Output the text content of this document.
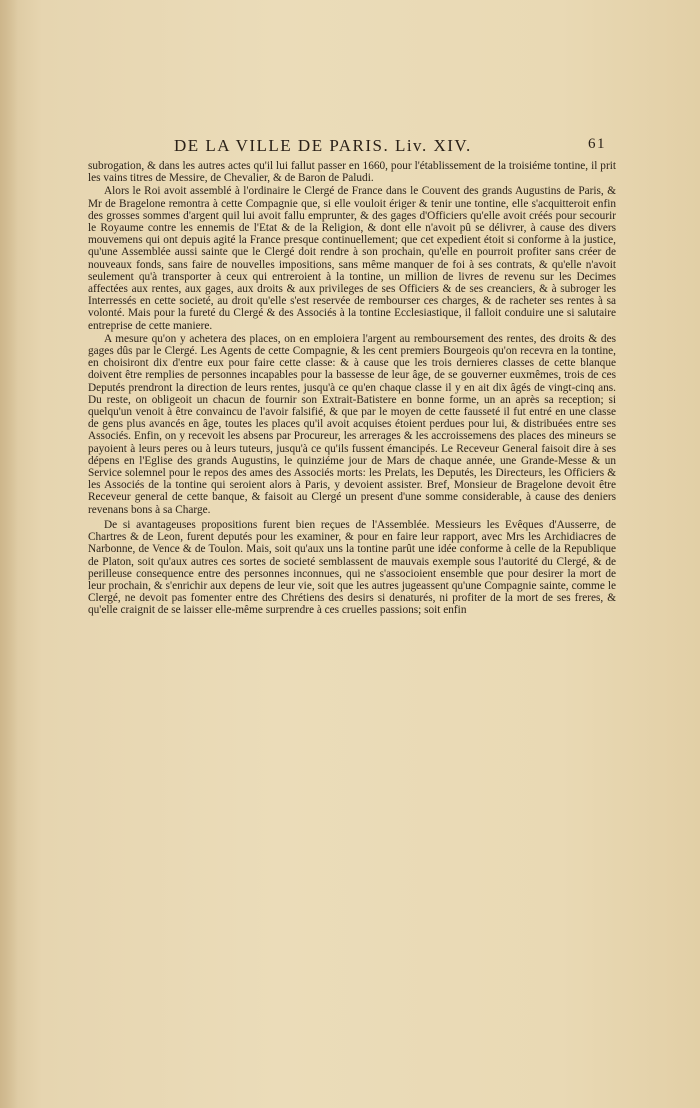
DE LA VILLE DE PARIS. Liv. XIV.	61

subrogation, & dans les autres actes qu'il lui fallut passer en 1660, pour l'établissement de la troisiéme tontine, il prit les vains titres de Messire, de Chevalier, & de Baron de Paludi.

Alors le Roi avoit assemblé à l'ordinaire le Clergé de France dans le Couvent des grands Augustins de Paris, & Mr de Bragelone remontra à cette Compagnie que, si elle vouloit ériger & tenir une tontine, elle s'acquitteroit enfin des grosses sommes d'argent quil lui avoit fallu emprunter, & des gages d'Officiers qu'elle avoit créés pour secourir le Royaume contre les ennemis de l'Etat & de la Religion, & dont elle n'avoit pû se délivrer, à cause des divers mouvemens qui ont depuis agité la France presque continuellement; que cet expedient étoit si conforme à la justice, qu'une Assemblée aussi sainte que le Clergé doit rendre à son prochain, qu'elle en pourroit profiter sans créer de nouveaux fonds, sans faire de nouvelles impositions, sans même manquer de foi à ses contrats, & qu'elle n'avoit seulement qu'à transporter à ceux qui entreroient à la tontine, un million de livres de revenu sur les Decimes affectées aux rentes, aux gages, aux droits & aux privileges de ses Officiers & de ses creanciers, & à subroger les Interressés en cette societé, au droit qu'elle s'est reservée de rembourser ces charges, & de racheter ses rentes à sa volonté. Mais pour la fureté du Clergé & des Associés à la tontine Ecclesiastique, il falloit conduire une si salutaire entreprise de cette maniere.

A mesure qu'on y achetera des places, on en emploiera l'argent au remboursement des rentes, des droits & des gages dûs par le Clergé. Les Agents de cette Compagnie, & les cent premiers Bourgeois qu'on recevra en la tontine, en choisiront dix d'entre eux pour faire cette classe: & à cause que les trois dernieres classes de cette blanque doivent être remplies de personnes incapables pour la bassesse de leur âge, de se gouverner euxmêmes, trois de ces Deputés prendront la direction de leurs rentes, jusqu'à ce qu'en chaque classe il y en ait dix âgés de vingt-cinq ans. Du reste, on obligeoit un chacun de fournir son Extrait-Batistere en bonne forme, un an après sa reception; si quelqu'un venoit à être convaincu de l'avoir falsifié, & que par le moyen de cette fausseté il fut entré en une classe de gens plus avancés en âge, toutes les places qu'il avoit acquises étoient perdues pour lui, & distribuées entre ses Associés. Enfin, on y recevoit les absens par Procureur, les arrerages & les accroissemens des places des mineurs se payoient à leurs peres ou à leurs tuteurs, jusqu'à ce qu'ils fussent émancipés. Le Receveur General faisoit dire à ses dépens en l'Eglise des grands Augustins, le quinziéme jour de Mars de chaque année, une Grande-Messe & un Service solemnel pour le repos des ames des Associés morts: les Prelats, les Deputés, les Directeurs, les Officiers & les Associés de la tontine qui seroient alors à Paris, y devoient assister. Bref, Monsieur de Bragelone devoit être Receveur general de cette banque, & faisoit au Clergé un present d'une somme considerable, à cause des deniers revenans bons à sa Charge.

De si avantageuses propositions furent bien reçues de l'Assemblée. Messieurs les Evêques d'Ausserre, de Chartres & de Leon, furent deputés pour les examiner, & pour en faire leur rapport, avec Mrs les Archidiacres de Narbonne, de Vence & de Toulon. Mais, soit qu'aux uns la tontine parût une idée conforme à celle de la Republique de Platon, soit qu'aux autres ces sortes de societé semblassent de mauvais exemple sous l'autorité du Clergé, & de perilleuse consequence entre des personnes inconnues, qui ne s'associoient ensemble que pour desirer la mort de leur prochain, & s'enrichir aux depens de leur vie, soit que les autres jugeassent qu'une Compagnie sainte, comme le Clergé, ne devoit pas fomenter entre des Chrétiens des desirs si denaturés, ni profiter de la mort de ses freres, & qu'elle craignit de se laisser elle-même surprendre à ces cruelles passions; soit enfin
